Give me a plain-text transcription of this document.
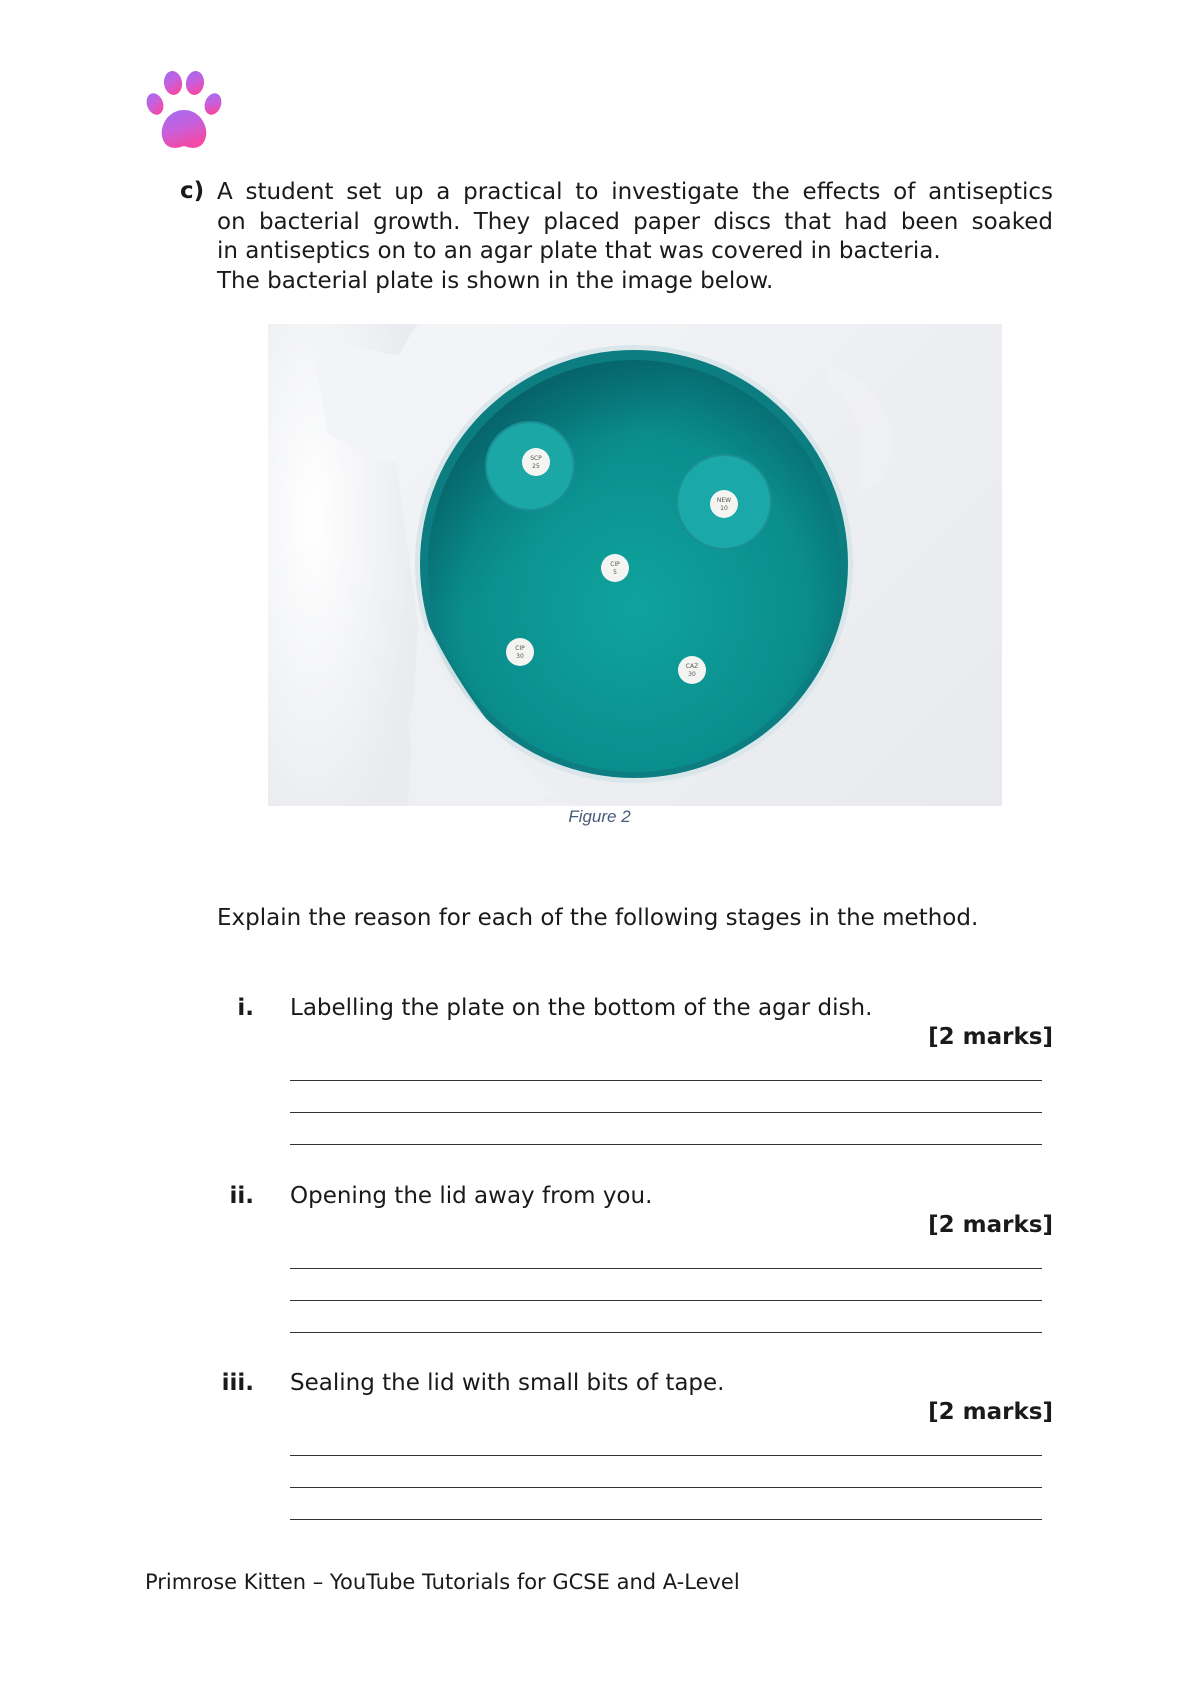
c) A student set up a practical to investigate the effects of antiseptics
on bacterial growth. They placed paper discs that had been soaked
in antiseptics on to an agar plate that was covered in bacteria.
The bacterial plate is shown in the image below.
SCP
25
NEW
10
CIP
5
CIP
30
CAZ
30
Figure 2
Explain the reason for each of the following stages in the method.
i. Labelling the plate on the bottom of the agar dish.
[2 marks]
ii. Opening the lid away from you.
[2 marks]
iii. Sealing the lid with small bits of tape.
[2 marks]
Primrose Kitten – YouTube Tutorials for GCSE and A-Level
